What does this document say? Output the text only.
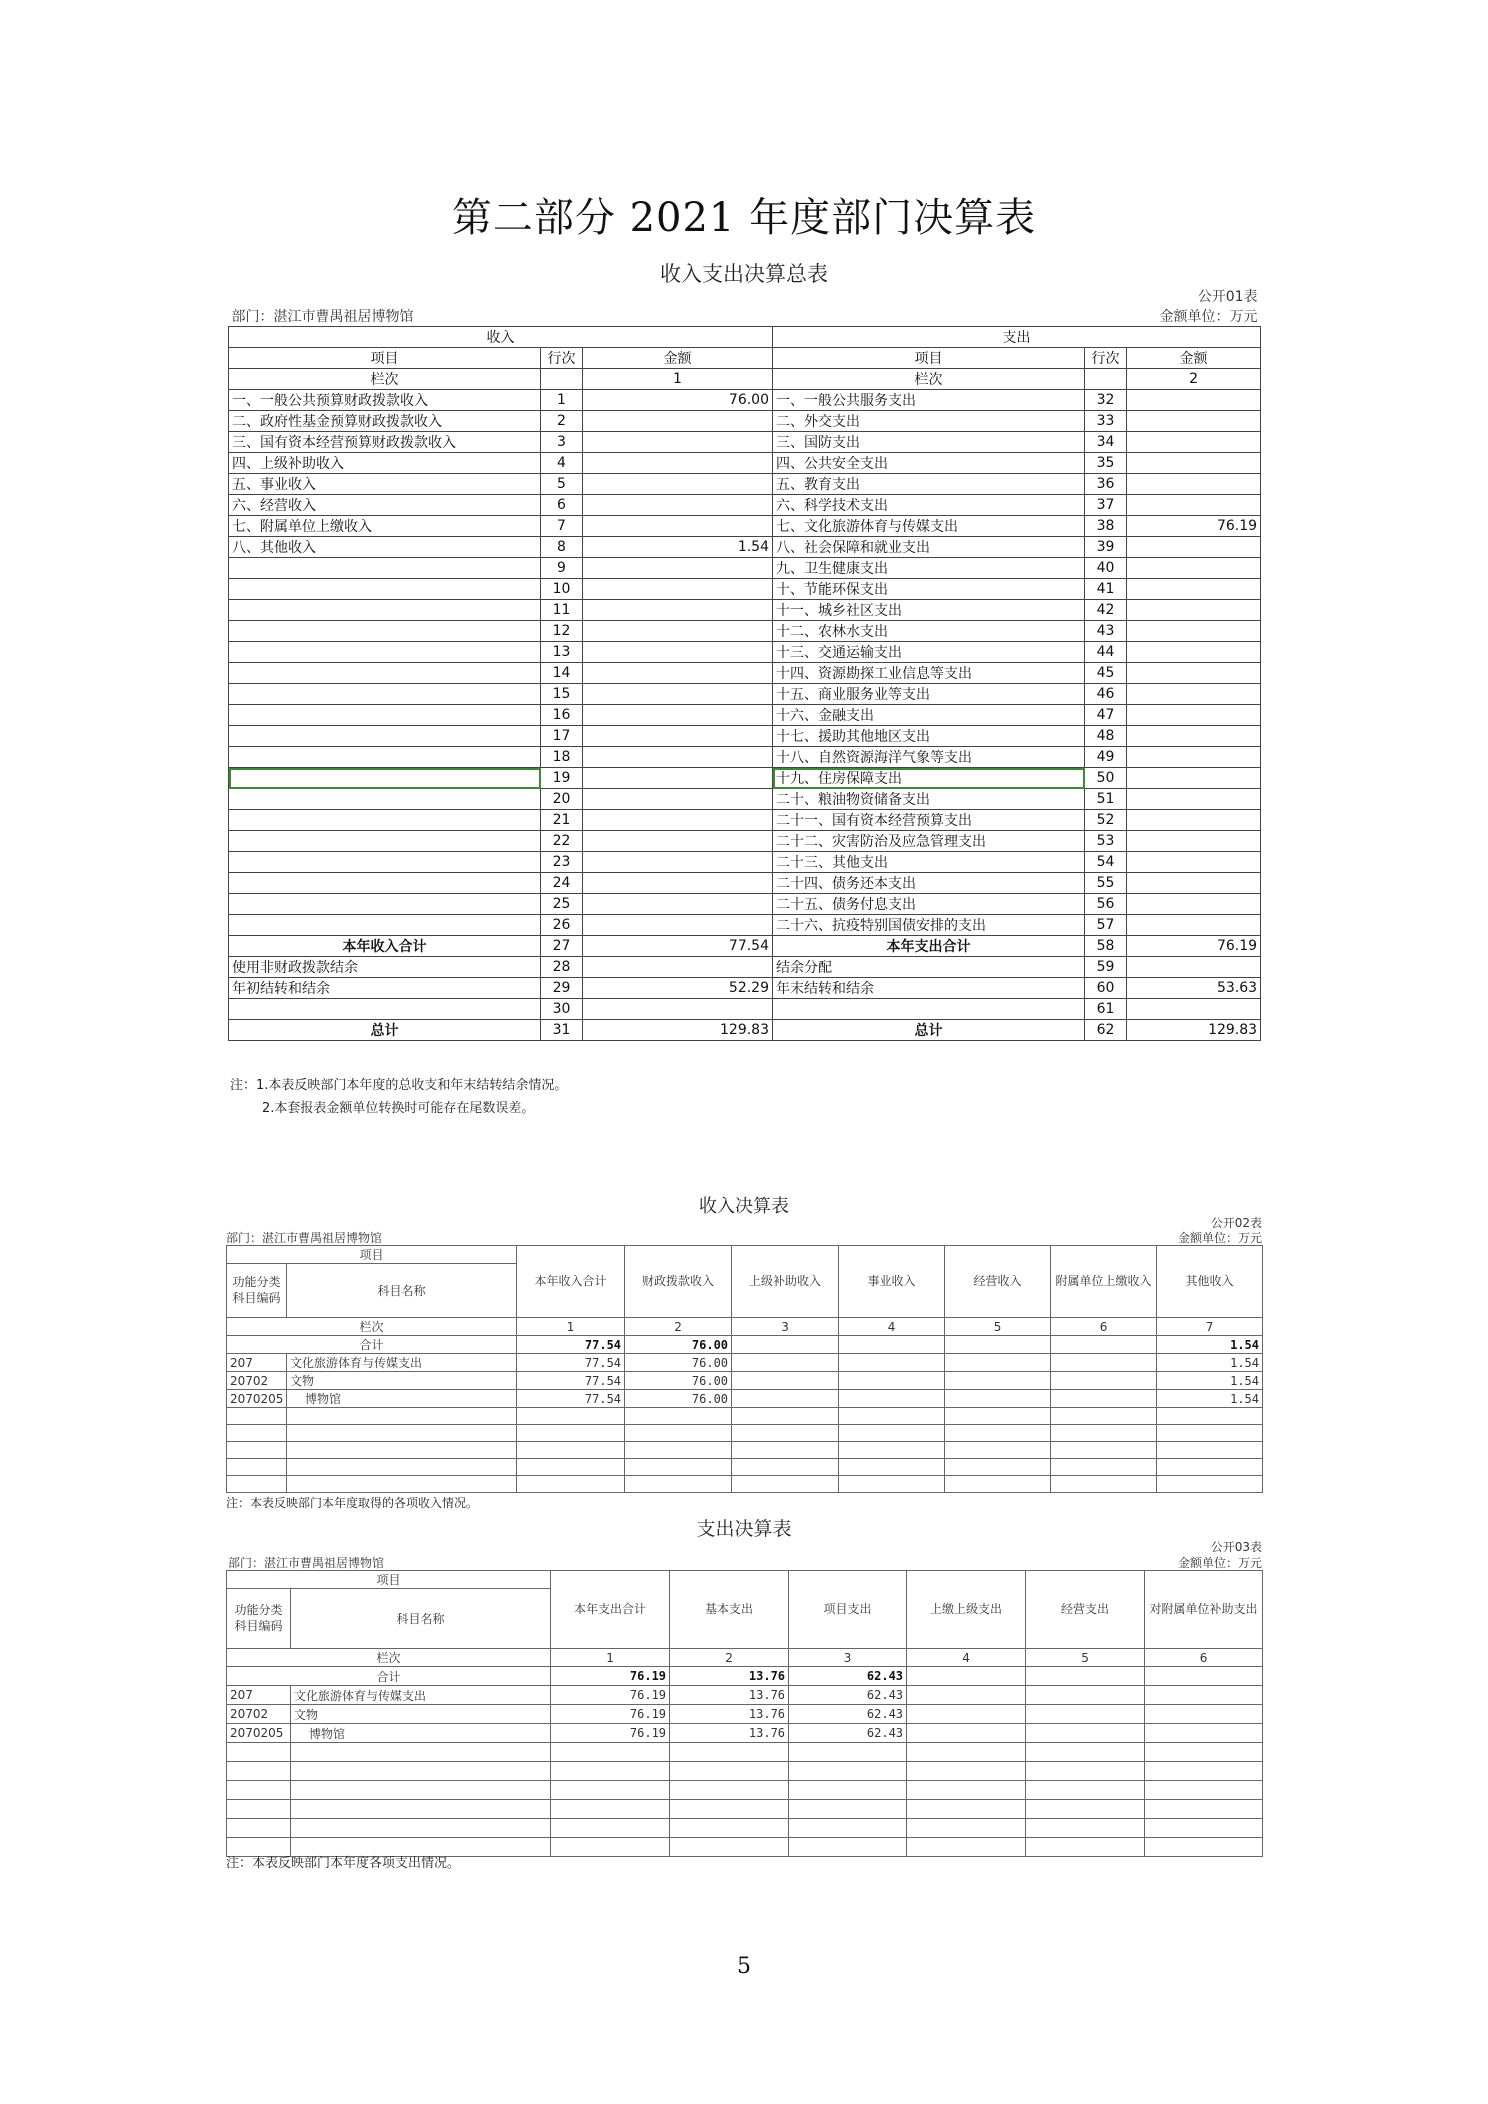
第二部分 2021 年度部门决算表
收入支出决算总表
					公开01表
部门：湛江市曹禺祖居博物馆					金额单位：万元
收入			支出		
项目	行次	金额	项目	行次	金额
栏次		1	栏次		2
一、一般公共预算财政拨款收入	1	76.00	一、一般公共服务支出	32	
二、政府性基金预算财政拨款收入	2		二、外交支出	33	
三、国有资本经营预算财政拨款收入	3		三、国防支出	34	
四、上级补助收入	4		四、公共安全支出	35	
五、事业收入	5		五、教育支出	36	
六、经营收入	6		六、科学技术支出	37	
七、附属单位上缴收入	7		七、文化旅游体育与传媒支出	38	76.19
八、其他收入	8	1.54	八、社会保障和就业支出	39	
	9		九、卫生健康支出	40	
	10		十、节能环保支出	41	
	11		十一、城乡社区支出	42	
	12		十二、农林水支出	43	
	13		十三、交通运输支出	44	
	14		十四、资源勘探工业信息等支出	45	
	15		十五、商业服务业等支出	46	
	16		十六、金融支出	47	
	17		十七、援助其他地区支出	48	
	18		十八、自然资源海洋气象等支出	49	
	19		十九、住房保障支出	50	
	20		二十、粮油物资储备支出	51	
	21		二十一、国有资本经营预算支出	52	
	22		二十二、灾害防治及应急管理支出	53	
	23		二十三、其他支出	54	
	24		二十四、债务还本支出	55	
	25		二十五、债务付息支出	56	
	26		二十六、抗疫特别国债安排的支出	57	
本年收入合计	27	77.54	本年支出合计	58	76.19
使用非财政拨款结余	28		结余分配	59	
年初结转和结余	29	52.29	年末结转和结余	60	53.63
	30			61	
总计	31	129.83	总计	62	129.83
注：1.本表反映部门本年度的总收支和年末结转结余情况。
2.本套报表金额单位转换时可能存在尾数误差。
收入决算表
公开02表
部门：湛江市曹禺祖居博物馆	金额单位：万元
项目		本年收入合计	财政拨款收入	上级补助收入	事业收入	经营收入	附属单位上缴收入	其他收入
功能分类科目编码	科目名称							
栏次		1	2	3	4	5	6	7
合计		77.54	76.00					1.54
207	文化旅游体育与传媒支出	77.54	76.00					1.54
20702	文物	77.54	76.00					1.54
2070205	博物馆	77.54	76.00					1.54

注：本表反映部门本年度取得的各项收入情况。
支出决算表
公开03表
部门：湛江市曹禺祖居博物馆	金额单位：万元
项目		本年支出合计	基本支出	项目支出	上缴上级支出	经营支出	对附属单位补助支出
功能分类科目编码	科目名称						
栏次		1	2	3	4	5	6
合计		76.19	13.76	62.43			
207	文化旅游体育与传媒支出	76.19	13.76	62.43			
20702	文物	76.19	13.76	62.43			
2070205	博物馆	76.19	13.76	62.43			

注：本表反映部门本年度各项支出情况。
5
